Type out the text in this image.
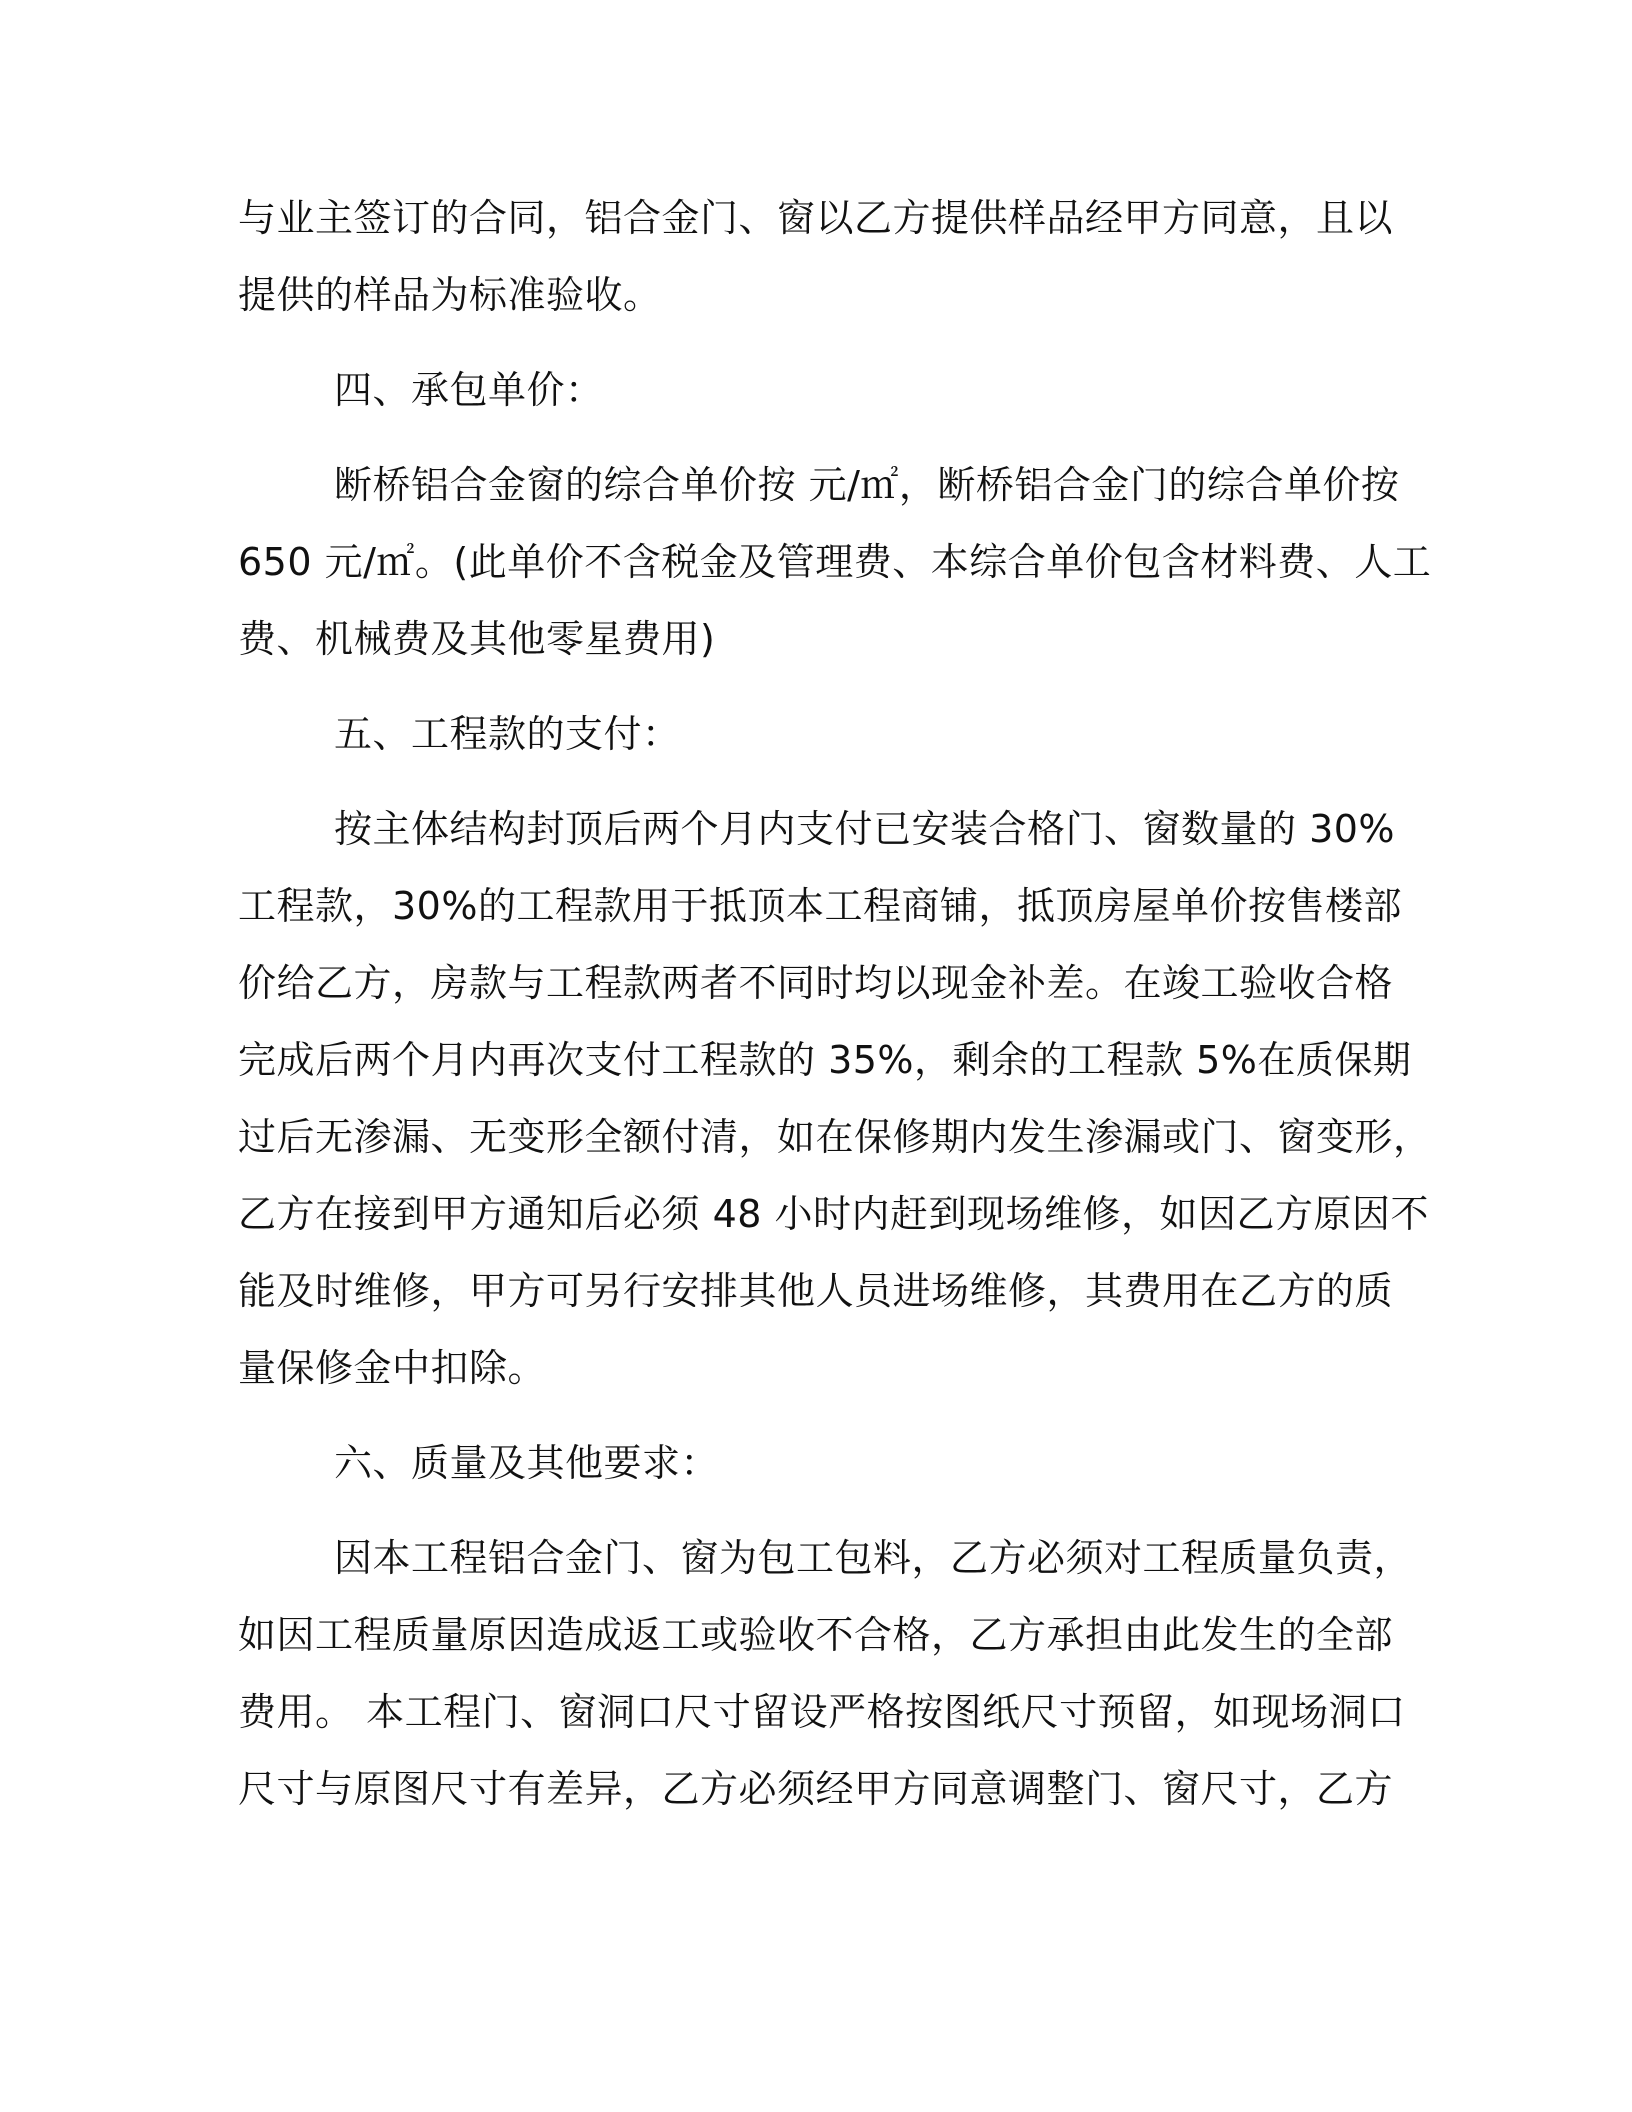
与业主签订的合同，铝合金门、窗以乙方提供样品经甲方同意，且以
提供的样品为标准验收。
四、承包单价：
断桥铝合金窗的综合单价按 元/㎡，断桥铝合金门的综合单价按
650 元/㎡。(此单价不含税金及管理费、本综合单价包含材料费、人工
费、机械费及其他零星费用)
五、工程款的支付：
按主体结构封顶后两个月内支付已安装合格门、窗数量的 30%
工程款，30%的工程款用于抵顶本工程商铺，抵顶房屋单价按售楼部
价给乙方，房款与工程款两者不同时均以现金补差。在竣工验收合格
完成后两个月内再次支付工程款的 35%，剩余的工程款 5%在质保期
过后无渗漏、无变形全额付清，如在保修期内发生渗漏或门、窗变形，
乙方在接到甲方通知后必须 48 小时内赶到现场维修，如因乙方原因不
能及时维修，甲方可另行安排其他人员进场维修，其费用在乙方的质
量保修金中扣除。
六、质量及其他要求：
因本工程铝合金门、窗为包工包料，乙方必须对工程质量负责，
如因工程质量原因造成返工或验收不合格，乙方承担由此发生的全部
费用。 本工程门、窗洞口尺寸留设严格按图纸尺寸预留，如现场洞口
尺寸与原图尺寸有差异，乙方必须经甲方同意调整门、窗尺寸，乙方
